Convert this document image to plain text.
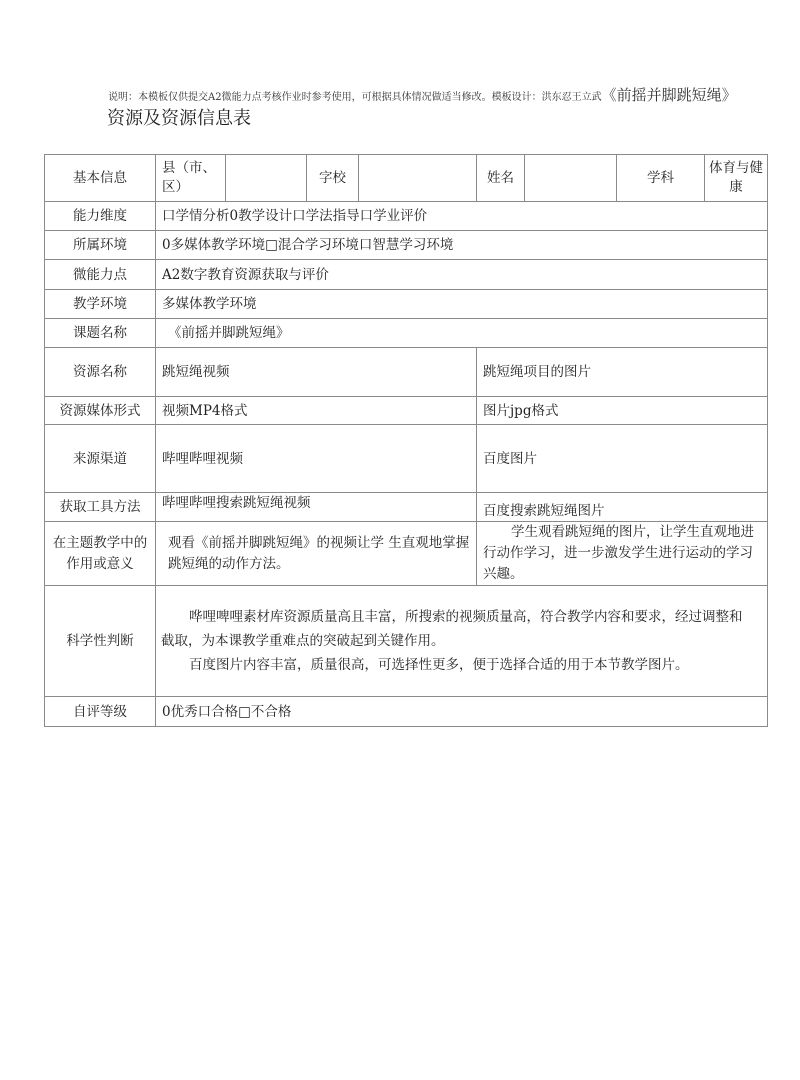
说明：本模板仅供提交A2微能力点考核作业时参考使用，可根据具体情况做适当修改。模板设计：洪东忍王立武《前摇并脚跳短绳》
资源及资源信息表
基本信息	县（市、区）		字校		姓名		学科	体育与健康
能力维度	口学情分析0教学设计口学法指导口学业评价							
所属环境	0多媒体教学环境□混合学习环境口智慧学习环境							
微能力点	A2数字教育资源获取与评价							
教学环境	多媒体教学环境							
课题名称	《前摇并脚跳短绳》							
资源名称	跳短绳视频				跳短绳项目的图片			
资源媒体形式	视频MP4格式				图片jpg格式			
来源渠道	哔哩哔哩视频				百度图片			
获取工具方法	哔哩哔哩搜索跳短绳视频				百度搜索跳短绳图片			
在主题教学中的作用或意义	观看《前摇并脚跳短绳》的视频让学 生直观地掌握跳短绳的动作方法。				学生观看跳短绳的图片，让学生直观地进行动作学习，进一步激发学生进行运动的学习兴趣。			

科学性判断	哗哩啤哩素材库资源质量高且丰富，所搜索的视频质量高，符合教学内容和要求，经过调整和截取，为本课教学重难点的突破起到关键作用。

百度图片内容丰富，质量很高，可选择性更多，便于选择合适的用于本节教学图片。							

自评等级	0优秀口合格□不合格							
